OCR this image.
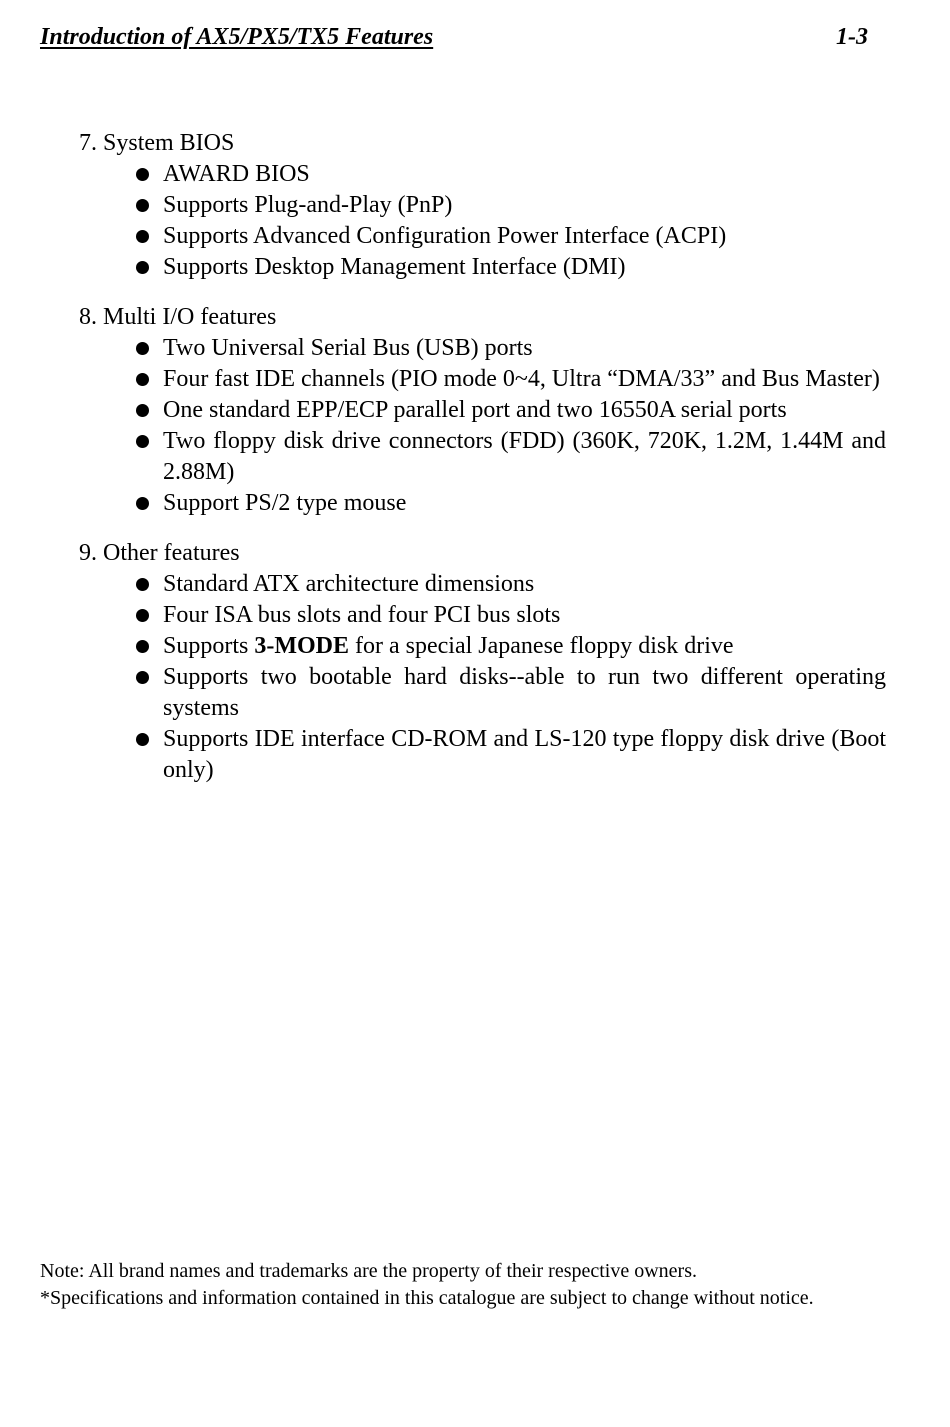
Introduction of AX5/PX5/TX5 Features	1-3
7. System BIOS
AWARD BIOS
Supports Plug-and-Play (PnP)
Supports Advanced Configuration Power Interface (ACPI)
Supports Desktop Management Interface (DMI)
8. Multi I/O features
Two Universal Serial Bus (USB) ports
Four fast IDE channels (PIO mode 0~4, Ultra “DMA/33” and Bus Master)
One standard EPP/ECP parallel port and two 16550A serial ports
Two floppy disk drive connectors (FDD) (360K, 720K, 1.2M, 1.44M and 2.88M)
Support PS/2 type mouse
9. Other features
Standard ATX architecture dimensions
Four ISA bus slots and four PCI bus slots
Supports 3-MODE for a special Japanese floppy disk drive
Supports two bootable hard disks--able to run two different operating systems
Supports IDE interface CD-ROM and LS-120 type floppy disk drive (Boot only)
Note: All brand names and trademarks are the property of their respective owners.
*Specifications and information contained in this catalogue are subject to change without notice.
